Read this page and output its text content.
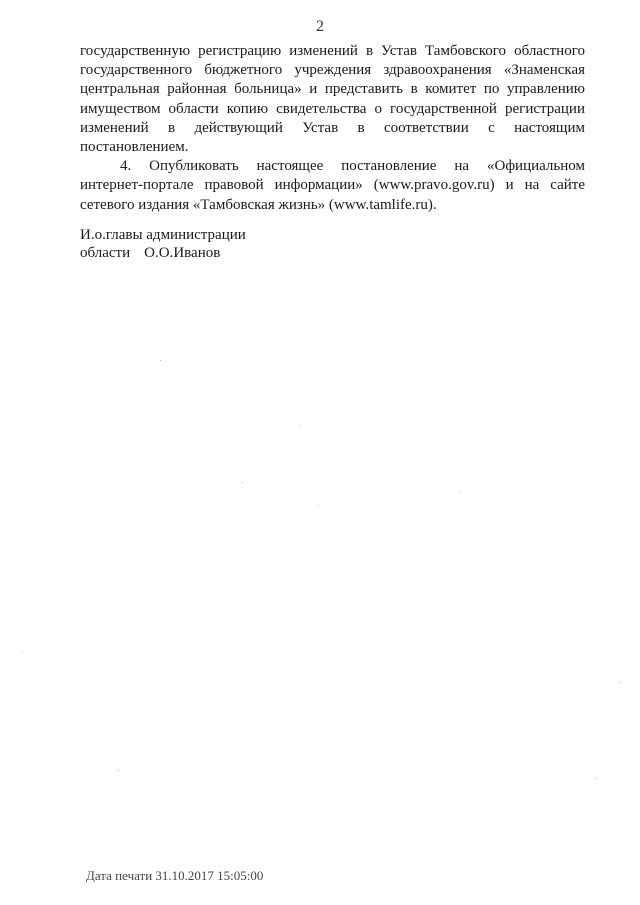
2
государственную регистрацию изменений в Устав Тамбовского областного
государственного бюджетного учреждения здравоохранения «Знаменская
центральная районная больница» и представить в комитет по управлению
имуществом области копию свидетельства о государственной регистрации
изменений в действующий Устав в соответствии с настоящим
постановлением.
4. Опубликовать настоящее постановление на «Официальном
интернет-портале правовой информации» (www.pravo.gov.ru) и на сайте
сетевого издания «Тамбовская жизнь» (www.tamlife.ru).
И.о.главы администрации
области О.О.Иванов
Дата печати 31.10.2017 15:05:00
